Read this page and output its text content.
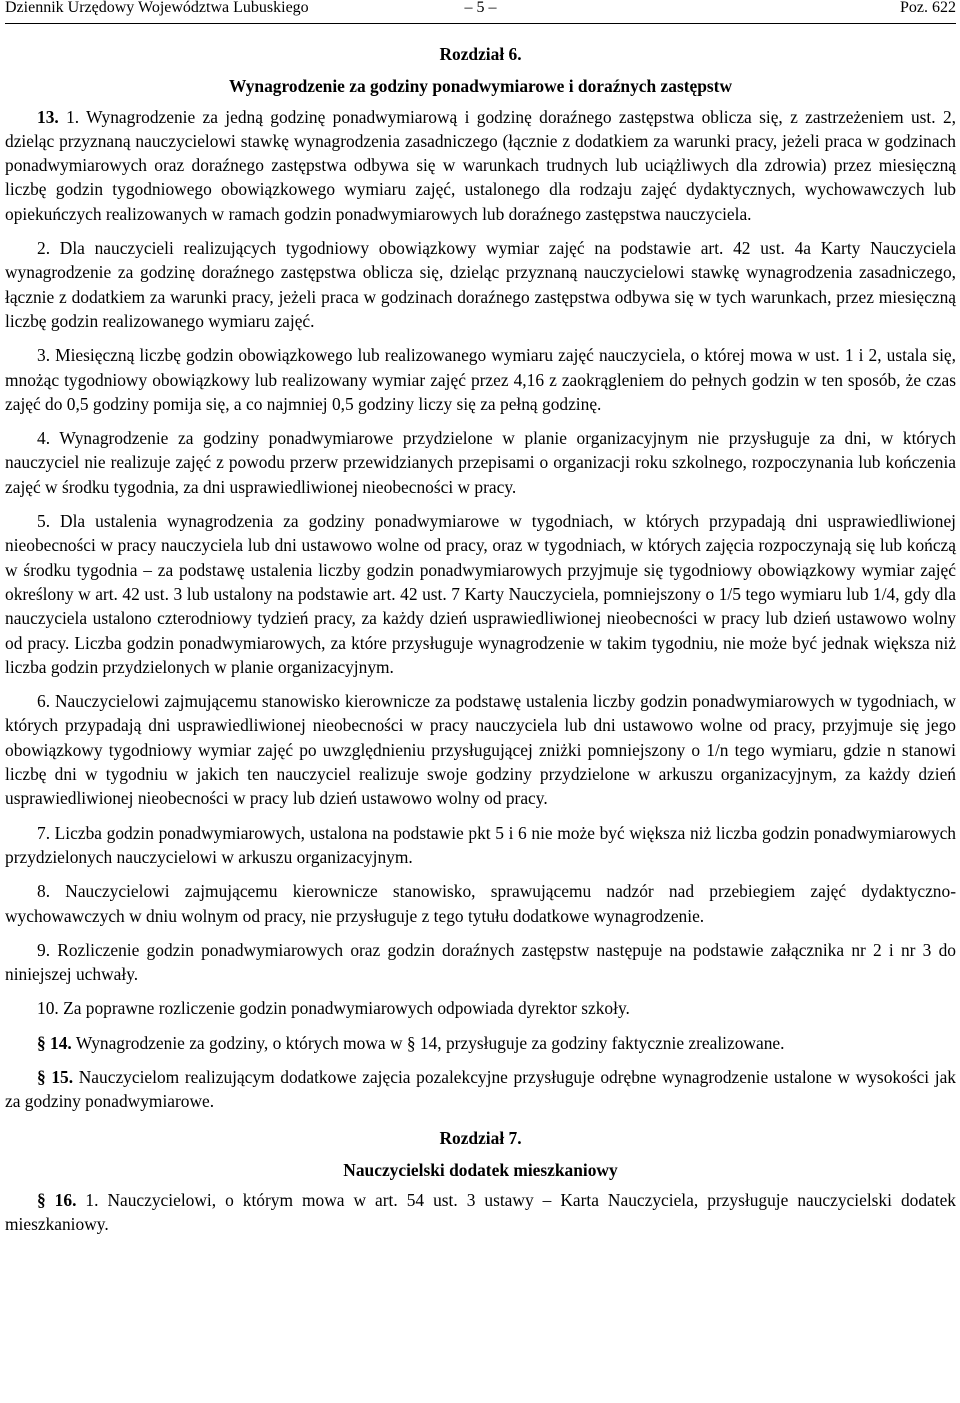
Dziennik Urzędowy Województwa Lubuskiego	– 5 –	Poz. 622

Rozdział 6.

Wynagrodzenie za godziny ponadwymiarowe i doraźnych zastępstw

13. 1. Wynagrodzenie za jedną godzinę ponadwymiarową i godzinę doraźnego zastępstwa oblicza się, z zastrzeżeniem ust. 2, dzieląc przyznaną nauczycielowi stawkę wynagrodzenia zasadniczego (łącznie z dodatkiem za warunki pracy, jeżeli praca w godzinach ponadwymiarowych oraz doraźnego zastępstwa odbywa się w warunkach trudnych lub uciążliwych dla zdrowia) przez miesięczną liczbę godzin tygodniowego obowiązkowego wymiaru zajęć, ustalonego dla rodzaju zajęć dydaktycznych, wychowawczych lub opiekuńczych realizowanych w ramach godzin ponadwymiarowych lub doraźnego zastępstwa nauczyciela.

2. Dla nauczycieli realizujących tygodniowy obowiązkowy wymiar zajęć na podstawie art. 42 ust. 4a Karty Nauczyciela wynagrodzenie za godzinę doraźnego zastępstwa oblicza się, dzieląc przyznaną nauczycielowi stawkę wynagrodzenia zasadniczego, łącznie z dodatkiem za warunki pracy, jeżeli praca w godzinach doraźnego zastępstwa odbywa się w tych warunkach, przez miesięczną liczbę godzin realizowanego wymiaru zajęć.

3. Miesięczną liczbę godzin obowiązkowego lub realizowanego wymiaru zajęć nauczyciela, o której mowa w ust. 1 i 2, ustala się, mnożąc tygodniowy obowiązkowy lub realizowany wymiar zajęć przez 4,16 z zaokrągleniem do pełnych godzin w ten sposób, że czas zajęć do 0,5 godziny pomija się, a co najmniej 0,5 godziny liczy się za pełną godzinę.

4. Wynagrodzenie za godziny ponadwymiarowe przydzielone w planie organizacyjnym nie przysługuje za dni, w których nauczyciel nie realizuje zajęć z powodu przerw przewidzianych przepisami o organizacji roku szkolnego, rozpoczynania lub kończenia zajęć w środku tygodnia, za dni usprawiedliwionej nieobecności w pracy.

5. Dla ustalenia wynagrodzenia za godziny ponadwymiarowe w tygodniach, w których przypadają dni usprawiedliwionej nieobecności w pracy nauczyciela lub dni ustawowo wolne od pracy, oraz w tygodniach, w których zajęcia rozpoczynają się lub kończą w środku tygodnia – za podstawę ustalenia liczby godzin ponadwymiarowych przyjmuje się tygodniowy obowiązkowy wymiar zajęć określony w art. 42 ust. 3 lub ustalony na podstawie art. 42 ust. 7 Karty Nauczyciela, pomniejszony o 1/5 tego wymiaru lub 1/4, gdy dla nauczyciela ustalono czterodniowy tydzień pracy, za każdy dzień usprawiedliwionej nieobecności w pracy lub dzień ustawowo wolny od pracy. Liczba godzin ponadwymiarowych, za które przysługuje wynagrodzenie w takim tygodniu, nie może być jednak większa niż liczba godzin przydzielonych w planie organizacyjnym.

6. Nauczycielowi zajmującemu stanowisko kierownicze za podstawę ustalenia liczby godzin ponadwymiarowych w tygodniach, w których przypadają dni usprawiedliwionej nieobecności w pracy nauczyciela lub dni ustawowo wolne od pracy, przyjmuje się jego obowiązkowy tygodniowy wymiar zajęć po uwzględnieniu przysługującej zniżki pomniejszony o 1/n tego wymiaru, gdzie n stanowi liczbę dni w tygodniu w jakich ten nauczyciel realizuje swoje godziny przydzielone w arkuszu organizacyjnym, za każdy dzień usprawiedliwionej nieobecności w pracy lub dzień ustawowo wolny od pracy.

7. Liczba godzin ponadwymiarowych, ustalona na podstawie pkt 5 i 6 nie może być większa niż liczba godzin ponadwymiarowych przydzielonych nauczycielowi w arkuszu organizacyjnym.

8. Nauczycielowi zajmującemu kierownicze stanowisko, sprawującemu nadzór nad przebiegiem zajęć dydaktyczno-wychowawczych w dniu wolnym od pracy, nie przysługuje z tego tytułu dodatkowe wynagrodzenie.

9. Rozliczenie godzin ponadwymiarowych oraz godzin doraźnych zastępstw następuje na podstawie załącznika nr 2 i nr 3 do niniejszej uchwały.

10. Za poprawne rozliczenie godzin ponadwymiarowych odpowiada dyrektor szkoły.

§ 14. Wynagrodzenie za godziny, o których mowa w § 14, przysługuje za godziny faktycznie zrealizowane.

§ 15. Nauczycielom realizującym dodatkowe zajęcia pozalekcyjne przysługuje odrębne wynagrodzenie ustalone w wysokości jak za godziny ponadwymiarowe.

Rozdział 7.

Nauczycielski dodatek mieszkaniowy

§ 16. 1. Nauczycielowi, o którym mowa w art. 54 ust. 3 ustawy – Karta Nauczyciela, przysługuje nauczycielski dodatek mieszkaniowy.
